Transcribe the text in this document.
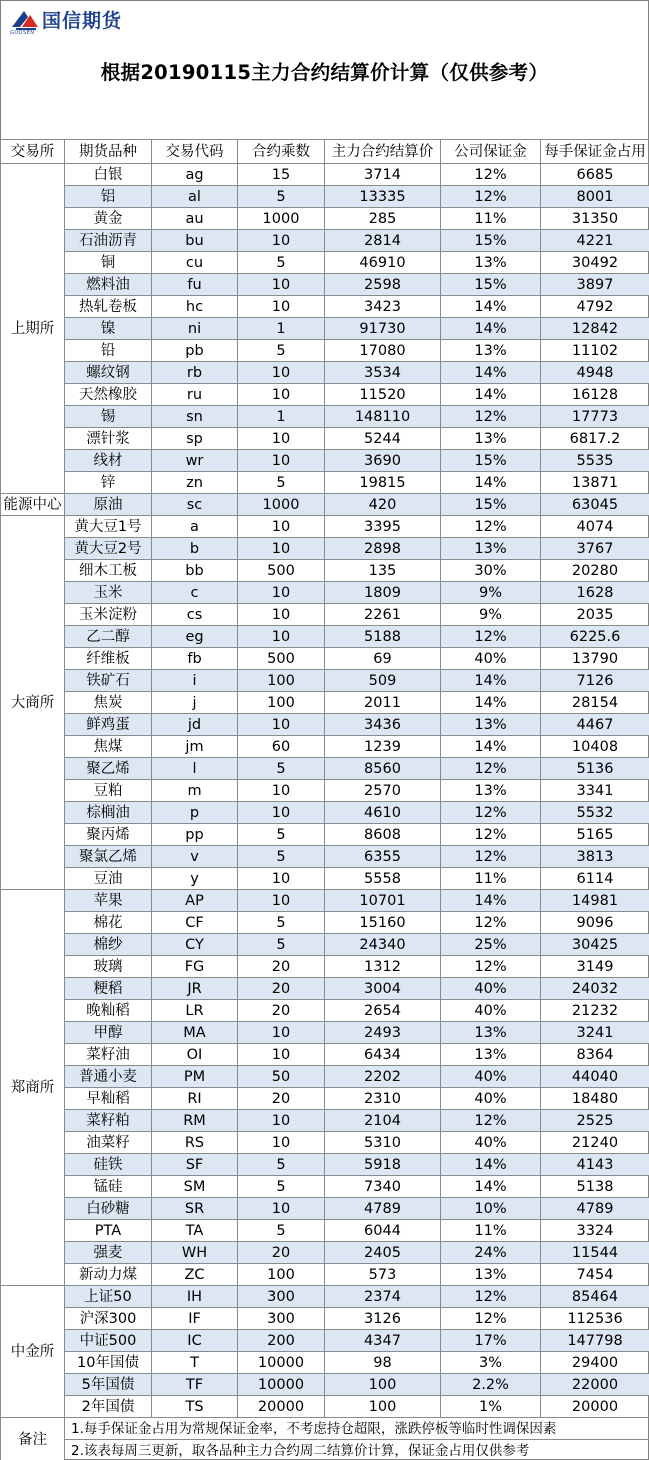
国信期货
GUOSEN
根据20190115主力合约结算价计算（仅供参考）
交易所	期货品种	交易代码	合约乘数	主力合约结算价	公司保证金	每手保证金占用
上期所	白银	ag	15	3714	12%	6685
	铝	al	5	13335	12%	8001
	黄金	au	1000	285	11%	31350
	石油沥青	bu	10	2814	15%	4221
	铜	cu	5	46910	13%	30492
	燃料油	fu	10	2598	15%	3897
	热轧卷板	hc	10	3423	14%	4792
	镍	ni	1	91730	14%	12842
	铅	pb	5	17080	13%	11102
	螺纹钢	rb	10	3534	14%	4948
	天然橡胶	ru	10	11520	14%	16128
	锡	sn	1	148110	12%	17773
	漂针浆	sp	10	5244	13%	6817.2
	线材	wr	10	3690	15%	5535
	锌	zn	5	19815	14%	13871
能源中心	原油	sc	1000	420	15%	63045
大商所	黄大豆1号	a	10	3395	12%	4074
	黄大豆2号	b	10	2898	13%	3767
	细木工板	bb	500	135	30%	20280
	玉米	c	10	1809	9%	1628
	玉米淀粉	cs	10	2261	9%	2035
	乙二醇	eg	10	5188	12%	6225.6
	纤维板	fb	500	69	40%	13790
	铁矿石	i	100	509	14%	7126
	焦炭	j	100	2011	14%	28154
	鲜鸡蛋	jd	10	3436	13%	4467
	焦煤	jm	60	1239	14%	10408
	聚乙烯	l	5	8560	12%	5136
	豆粕	m	10	2570	13%	3341
	棕榈油	p	10	4610	12%	5532
	聚丙烯	pp	5	8608	12%	5165
	聚氯乙烯	v	5	6355	12%	3813
	豆油	y	10	5558	11%	6114
郑商所	苹果	AP	10	10701	14%	14981
	棉花	CF	5	15160	12%	9096
	棉纱	CY	5	24340	25%	30425
	玻璃	FG	20	1312	12%	3149
	粳稻	JR	20	3004	40%	24032
	晚籼稻	LR	20	2654	40%	21232
	甲醇	MA	10	2493	13%	3241
	菜籽油	OI	10	6434	13%	8364
	普通小麦	PM	50	2202	40%	44040
	早籼稻	RI	20	2310	40%	18480
	菜籽粕	RM	10	2104	12%	2525
	油菜籽	RS	10	5310	40%	21240
	硅铁	SF	5	5918	14%	4143
	锰硅	SM	5	7340	14%	5138
	白砂糖	SR	10	4789	10%	4789
	PTA	TA	5	6044	11%	3324
	强麦	WH	20	2405	24%	11544
	新动力煤	ZC	100	573	13%	7454
中金所	上证50	IH	300	2374	12%	85464
	沪深300	IF	300	3126	12%	112536
	中证500	IC	200	4347	17%	147798
	10年国债	T	10000	98	3%	29400
	5年国债	TF	10000	100	2.2%	22000
	2年国债	TS	20000	100	1%	20000
备注	1.每手保证金占用为常规保证金率，不考虑持仓超限，涨跌停板等临时性调保因素					
	2.该表每周三更新，取各品种主力合约周二结算价计算，保证金占用仅供参考					
